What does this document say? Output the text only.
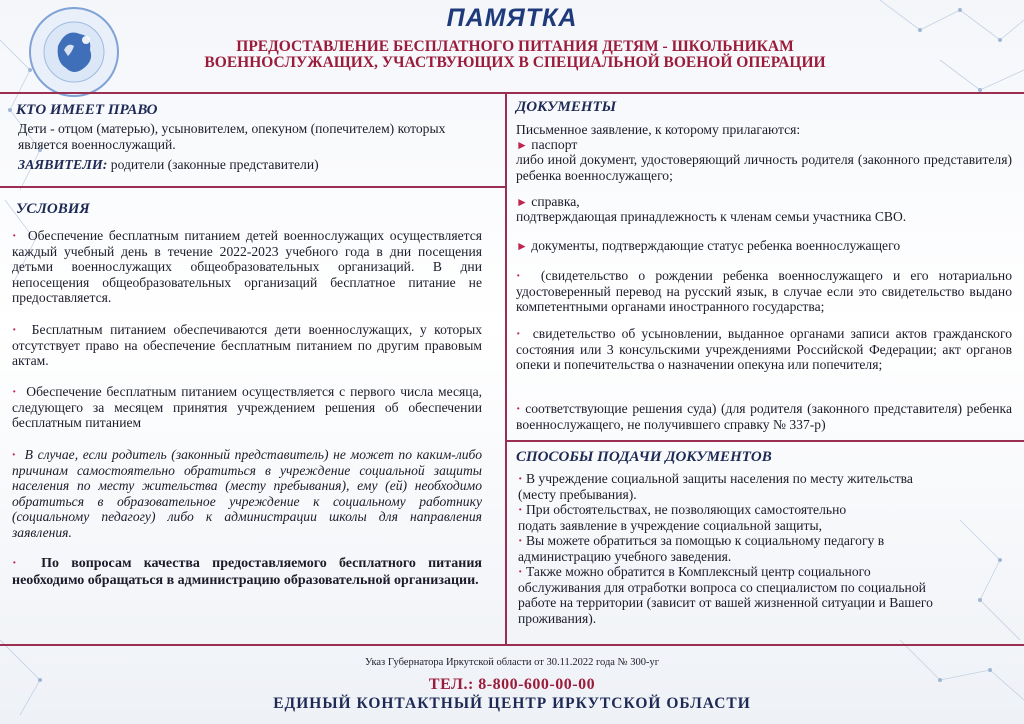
ПАМЯТКА
ПРЕДОСТАВЛЕНИЕ БЕСПЛАТНОГО ПИТАНИЯ ДЕТЯМ - ШКОЛЬНИКАМ
ВОЕННОСЛУЖАЩИХ, УЧАСТВУЮЩИХ В СПЕЦИАЛЬНОЙ ВОЕНОЙ ОПЕРАЦИИ
КТО ИМЕЕТ ПРАВО
Дети - отцом (матерью), усыновителем, опекуном (попечителем) которых является военнослужащий.
ЗАЯВИТЕЛИ: родители (законные представители)
УСЛОВИЯ
· Обеспечение бесплатным питанием детей военнослужащих осуществляется каждый учебный день в течение 2022-2023 учебного года в дни посещения детьми военнослужащих общеобразовательных организаций. В дни непосещения общеобразовательных организаций бесплатное питание не предоставляется.
· Бесплатным питанием обеспечиваются дети военнослужащих, у которых отсутствует право на обеспечение бесплатным питанием по другим правовым актам.
· Обеспечение бесплатным питанием осуществляется с первого числа месяца, следующего за месяцем принятия учреждением решения об обеспечении бесплатным питанием
· В случае, если родитель (законный представитель) не может по каким-либо причинам самостоятельно обратиться в учреждение социальной защиты населения по месту жительства (месту пребывания), ему (ей) необходимо обратиться в образовательное учреждение к социальному работнику (социальному педагогу) либо к администрации школы для направления заявления.
· По вопросам качества предоставляемого бесплатного питания необходимо обращаться в администрацию образовательной организации.
ДОКУМЕНТЫ
Письменное заявление, к которому прилагаются:
► паспорт
либо иной документ, удостоверяющий личность родителя (законного представителя) ребенка военнослужащего;
► справка,
подтверждающая принадлежность к членам семьи участника СВО.
► документы, подтверждающие статус ребенка военнослужащего
· (свидетельство о рождении ребенка военнослужащего и его нотариально удостоверенный перевод на русский язык, в случае если это свидетельство выдано компетентными органами иностранного государства;
· свидетельство об усыновлении, выданное органами записи актов гражданского состояния или 3 консульскими учреждениями Российской Федерации; акт органов опеки и попечительства о назначении опекуна или попечителя;
· соответствующие решения суда) (для родителя (законного представителя) ребенка военнослужащего, не получившего справку № 337-р)
СПОСОБЫ ПОДАЧИ ДОКУМЕНТОВ
· В учреждение социальной защиты населения по месту жительства
(месту пребывания).
· При обстоятельствах, не позволяющих самостоятельно
подать заявление в учреждение социальной защиты,
· Вы можете обратиться за помощью к социальному педагогу в
администрацию учебного заведения.
· Также можно обратится в Комплексный центр социального
обслуживания для отработки вопроса со специалистом по социальной
работе на территории (зависит от вашей жизненной ситуации и Вашего
проживания).
Указ Губернатора Иркутской области от 30.11.2022 года № 300-уг
ТЕЛ.: 8-800-600-00-00
ЕДИНЫЙ КОНТАКТНЫЙ ЦЕНТР ИРКУТСКОЙ ОБЛАСТИ
